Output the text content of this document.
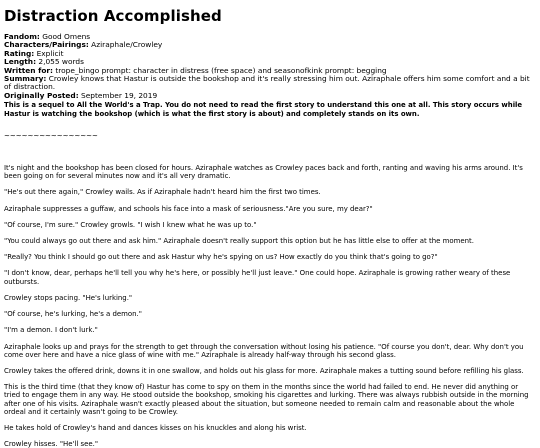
Distraction Accomplished
Fandom: Good Omens
Characters/Pairings: Aziraphale/Crowley
Rating: Explicit
Length: 2,055 words
Written for: trope_bingo prompt: character in distress (free space) and seasonofkink prompt: begging
Summary: Crowley knows that Hastur is outside the bookshop and it's really stressing him out. Aziraphale offers him some comfort and a bit of distraction.
Originally Posted: September 19, 2019
This is a sequel to All the World's a Trap. You do not need to read the first story to understand this one at all. This story occurs while Hastur is watching the bookshop (which is what the first story is about) and completely stands on its own.
~~~~~~~~~~~~~~~~

It's night and the bookshop has been closed for hours. Aziraphale watches as Crowley paces back and forth, ranting and waving his arms around. It's been going on for several minutes now and it's all very dramatic.

"He's out there again," Crowley wails. As if Aziraphale hadn't heard him the first two times.

Aziraphale suppresses a guffaw, and schools his face into a mask of seriousness."Are you sure, my dear?"

"Of course, I'm sure." Crowley growls. "I wish I knew what he was up to."

"You could always go out there and ask him." Aziraphale doesn't really support this option but he has little else to offer at the moment.

"Really? You think I should go out there and ask Hastur why he's spying on us? How exactly do you think that's going to go?"

"I don't know, dear, perhaps he'll tell you why he's here, or possibly he'll just leave." One could hope. Aziraphale is growing rather weary of these outbursts.

Crowley stops pacing. "He's lurking."

"Of course, he's lurking, he's a demon."

"I'm a demon. I don't lurk."

Aziraphale looks up and prays for the strength to get through the conversation without losing his patience. "Of course you don't, dear. Why don't you come over here and have a nice glass of wine with me." Aziraphale is already half-way through his second glass.

Crowley takes the offered drink, downs it in one swallow, and holds out his glass for more. Aziraphale makes a tutting sound before refilling his glass.

This is the third time (that they know of) Hastur has come to spy on them in the months since the world had failed to end. He never did anything or tried to engage them in any way. He stood outside the bookshop, smoking his cigarettes and lurking. There was always rubbish outside in the morning after one of his visits. Aziraphale wasn't exactly pleased about the situation, but someone needed to remain calm and reasonable about the whole ordeal and it certainly wasn't going to be Crowley.

He takes hold of Crowley's hand and dances kisses on his knuckles and along his wrist.

Crowley hisses. "He'll see."
